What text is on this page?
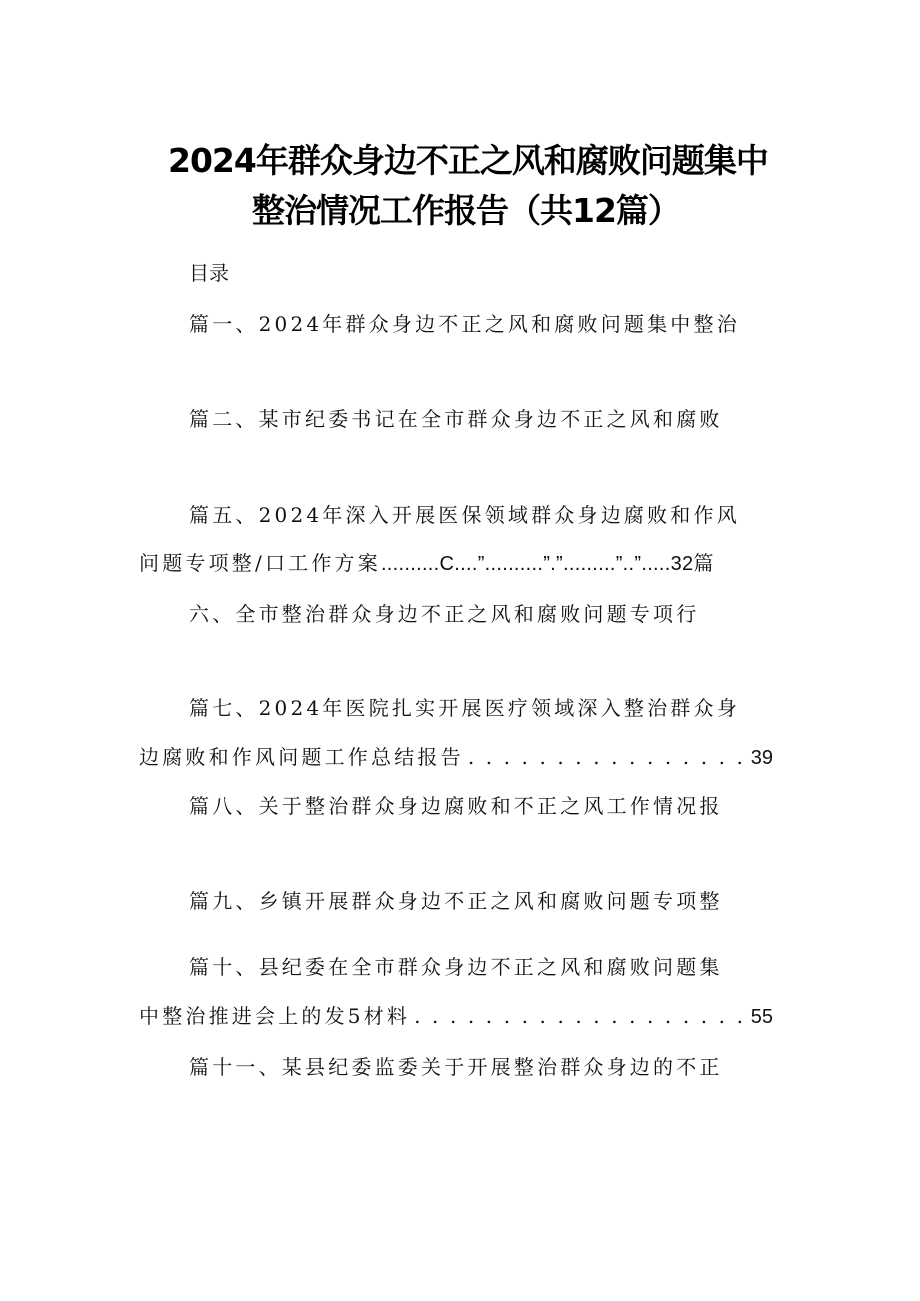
2024年群众身边不正之风和腐败问题集中
整治情况工作报告（共12篇）
目录
篇一、2024年群众身边不正之风和腐败问题集中整治
篇二、某市纪委书记在全市群众身边不正之风和腐败
篇五、2024年深入开展医保领域群众身边腐败和作风
问题专项整/口工作方案..........C....”..........”.”.........”..”.....32篇
六、全市整治群众身边不正之风和腐败问题专项行
篇七、2024年医院扎实开展医疗领域深入整治群众身
边腐败和作风问题工作总结报告 . . .	39
篇八、关于整治群众身边腐败和不正之风工作情况报
篇九、乡镇开展群众身边不正之风和腐败问题专项整
篇十、县纪委在全市群众身边不正之风和腐败问题集
中整治推进会上的发5材料 . . .	55
篇十一、某县纪委监委关于开展整治群众身边的不正
